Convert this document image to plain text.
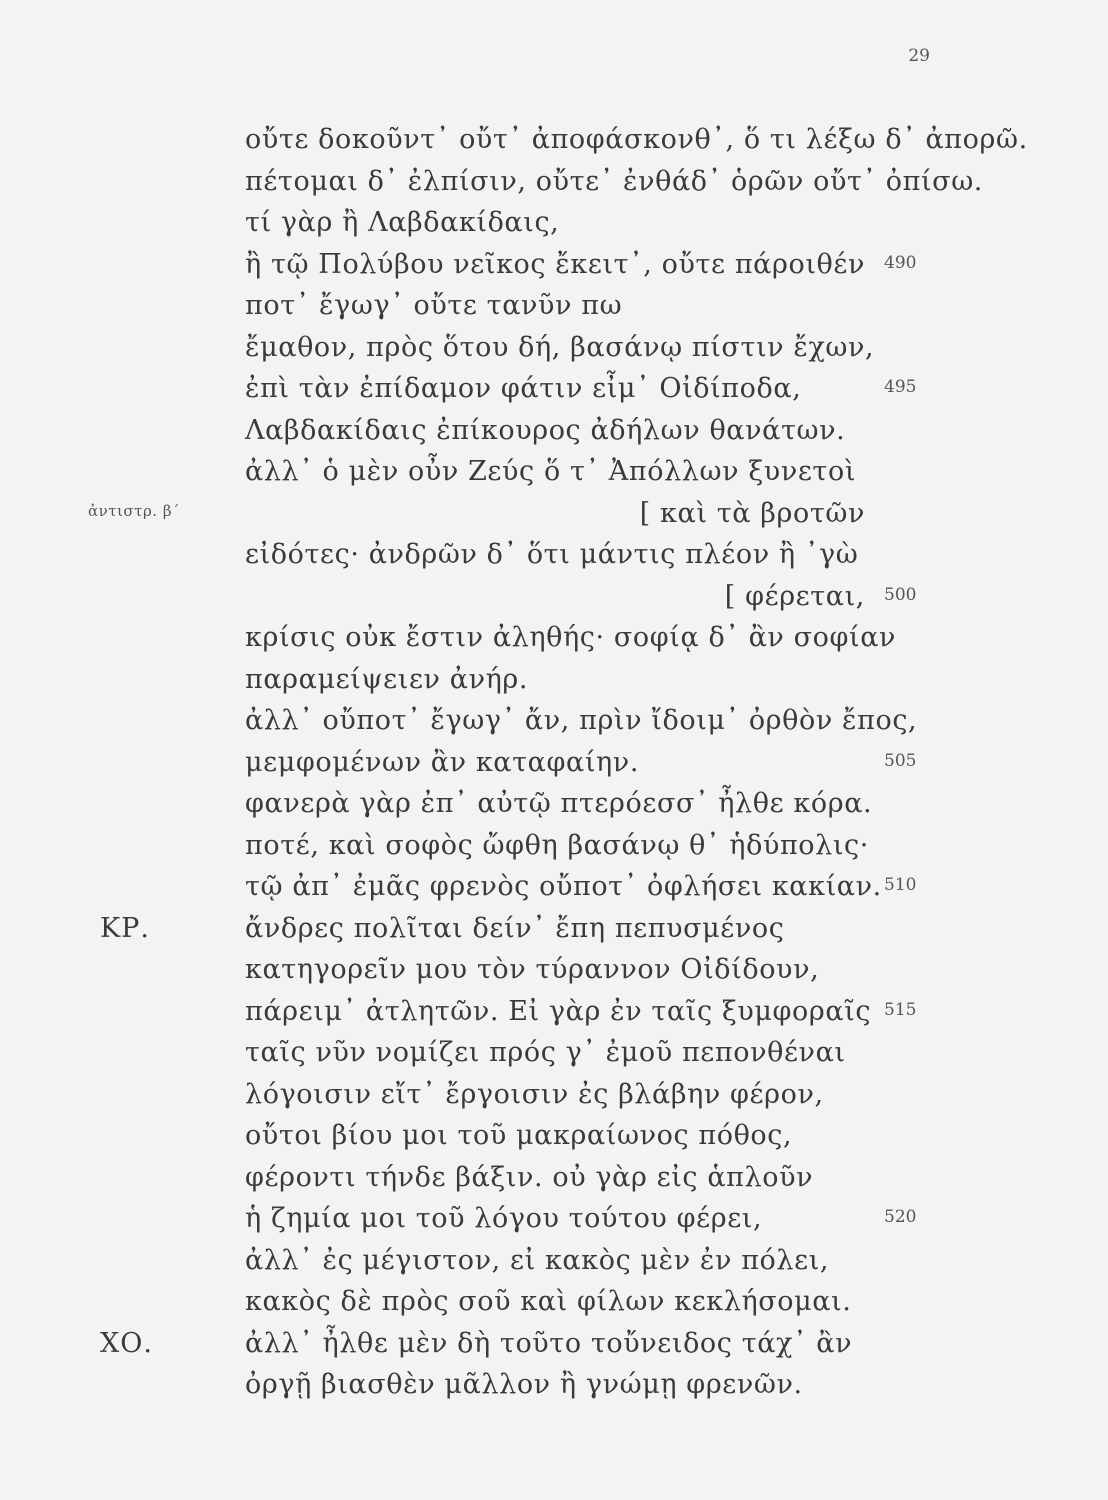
29
οὔτε δοκοῦντ᾽ οὔτ᾽ ἀποφάσκονθ᾽, ὅ τι λέξω δ᾽ ἀπορῶ.
πέτομαι δ᾽ ἐλπίσιν, οὔτε᾽ ἐνθάδ᾽ ὁρῶν οὔτ᾽ ὀπίσω.
τί γὰρ ἢ Λαβδακίδαις,
ἢ τῷ Πολύβου νεῖκος ἔκειτ᾽, οὔτε πάροιθέν 490
ποτ᾽ ἔγωγ᾽ οὔτε τανῦν πω
ἔμαθον, πρὸς ὅτου δή, βασάνῳ πίστιν ἔχων,
ἐπὶ τὰν ἐπίδαμον φάτιν εἶμ᾽ Οἰδίποδα,	495
Λαβδακίδαις ἐπίκουρος ἀδήλων θανάτων.
ἀλλ᾽ ὁ μὲν οὖν Ζεύς ὅ τ᾽ Ἀπόλλων ξυνετοὶ
ἀντιστρ. β´	[ καὶ τὰ βροτῶν
εἰδότες· ἀνδρῶν δ᾽ ὅτι μάντις πλέον ἢ ᾽γὼ
[ φέρεται, 500
κρίσις οὐκ ἔστιν ἀληθής· σοφίᾳ δ᾽ ἂν σοφίαν
παραμείψειεν ἀνήρ.
ἀλλ᾽ οὔποτ᾽ ἔγωγ᾽ ἄν, πρὶν ἴδοιμ᾽ ὀρθὸν ἔπος,
μεμφομένων ἂν καταφαίην.	505
φανερὰ γὰρ ἐπ᾽ αὐτῷ πτερόεσσ᾽ ἦλθε κόρα.
ποτέ, καὶ σοφὸς ὤφθη βασάνῳ θ᾽ ἡδύπολις·
τῷ ἀπ᾽ ἐμᾶς φρενὸς οὔποτ᾽ ὀφλήσει κακίαν. 510
ΚΡ.	ἄνδρες πολῖται δείν᾽ ἔπη πεπυσμένος
κατηγορεῖν μου τὸν τύραννον Οἰδίδουν,
πάρειμ᾽ ἀτλητῶν. Εἰ γὰρ ἐν ταῖς ξυμφοραῖς 515
ταῖς νῦν νομίζει πρός γ᾽ ἐμοῦ πεπονθέναι
λόγοισιν εἴτ᾽ ἔργοισιν ἐς βλάβην φέρον,
οὔτοι βίου μοι τοῦ μακραίωνος πόθος,
φέροντι τήνδε βάξιν. οὐ γὰρ εἰς ἁπλοῦν
ἡ ζημία μοι τοῦ λόγου τούτου φέρει,	520
ἀλλ᾽ ἐς μέγιστον, εἰ κακὸς μὲν ἐν πόλει,
κακὸς δὲ πρὸς σοῦ καὶ φίλων κεκλήσομαι.
ΧΟ.	ἀλλ᾽ ἦλθε μὲν δὴ τοῦτο τοὔνειδος τάχ᾽ ἂν
ὀργῇ βιασθὲν μᾶλλον ἢ γνώμῃ φρενῶν.
